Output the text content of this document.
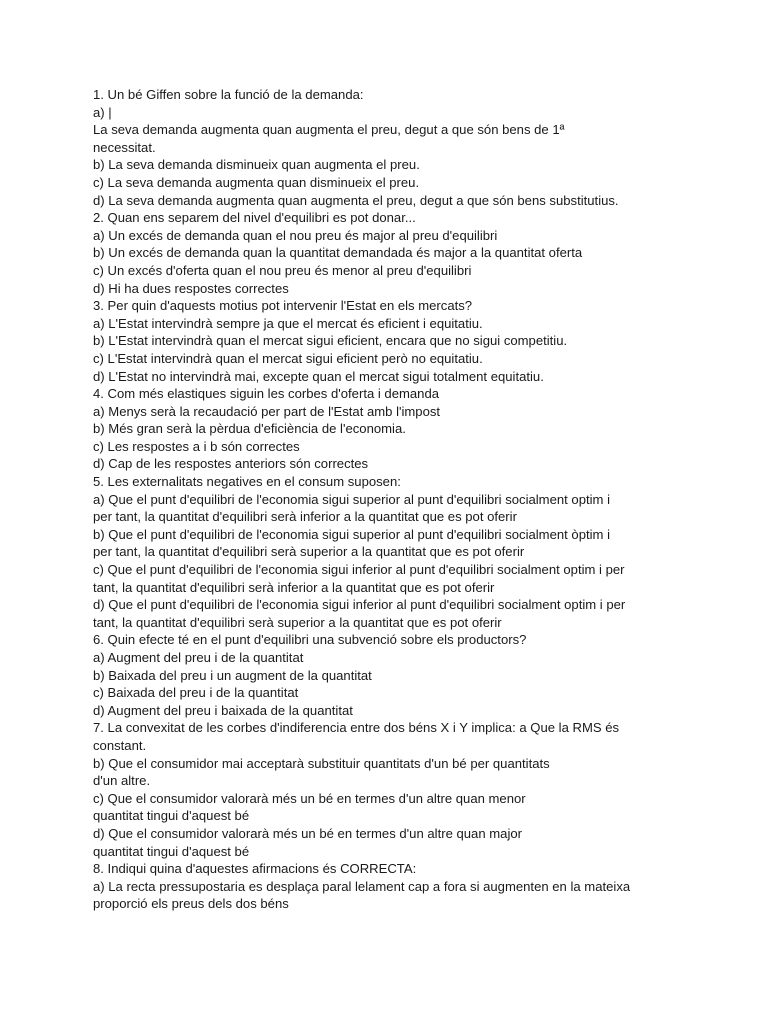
1. Un bé Giffen sobre la funció de la demanda:
a) |
La seva demanda augmenta quan augmenta el preu, degut a que són bens de 1ª
necessitat.
b) La seva demanda disminueix quan augmenta el preu.
c) La seva demanda augmenta quan disminueix el preu.
d) La seva demanda augmenta quan augmenta el preu, degut a que són bens substitutius.
2. Quan ens separem del nivel d'equilibri es pot donar...
a) Un excés de demanda quan el nou preu és major al preu d'equilibri
b) Un excés de demanda quan la quantitat demandada és major a la quantitat oferta
c) Un excés d'oferta quan el nou preu és menor al preu d'equilibri
d) Hi ha dues respostes correctes
3. Per quin d'aquests motius pot intervenir l'Estat en els mercats?
a) L'Estat intervindrà sempre ja que el mercat és eficient i equitatiu.
b) L'Estat intervindrà quan el mercat sigui eficient, encara que no sigui competitiu.
c) L'Estat intervindrà quan el mercat sigui eficient però no equitatiu.
d) L'Estat no intervindrà mai, excepte quan el mercat sigui totalment equitatiu.
4. Com més elastiques siguin les corbes d'oferta i demanda
a) Menys serà la recaudació per part de l'Estat amb l'impost
b) Més gran serà la pèrdua d'eficiència de l'economia.
c) Les respostes a i b són correctes
d) Cap de les respostes anteriors són correctes
5. Les externalitats negatives en el consum suposen:
a) Que el punt d'equilibri de l'economia sigui superior al punt d'equilibri socialment optim i
per tant, la quantitat d'equilibri serà inferior a la quantitat que es pot oferir
b) Que el punt d'equilibri de l'economia sigui superior al punt d'equilibri socialment òptim i
per tant, la quantitat d'equilibri serà superior a la quantitat que es pot oferir
c) Que el punt d'equilibri de l'economia sigui inferior al punt d'equilibri socialment optim i per
tant, la quantitat d'equilibri serà inferior a la quantitat que es pot oferir
d) Que el punt d'equilibri de l'economia sigui inferior al punt d'equilibri socialment optim i per
tant, la quantitat d'equilibri serà superior a la quantitat que es pot oferir
6. Quin efecte té en el punt d'equilibri una subvenció sobre els productors?
a) Augment del preu i de la quantitat
b) Baixada del preu i un augment de la quantitat
c) Baixada del preu i de la quantitat
d) Augment del preu i baixada de la quantitat
7. La convexitat de les corbes d'indiferencia entre dos béns X i Y implica: a Que la RMS és
constant.
b) Que el consumidor mai acceptarà substituir quantitats d'un bé per quantitats
d'un altre.
c) Que el consumidor valorarà més un bé en termes d'un altre quan menor
quantitat tingui d'aquest bé
d) Que el consumidor valorarà més un bé en termes d'un altre quan major
quantitat tingui d'aquest bé
8. Indiqui quina d'aquestes afirmacions és CORRECTA:
a) La recta pressupostaria es desplaça paral lelament cap a fora si augmenten en la mateixa
proporció els preus dels dos béns
